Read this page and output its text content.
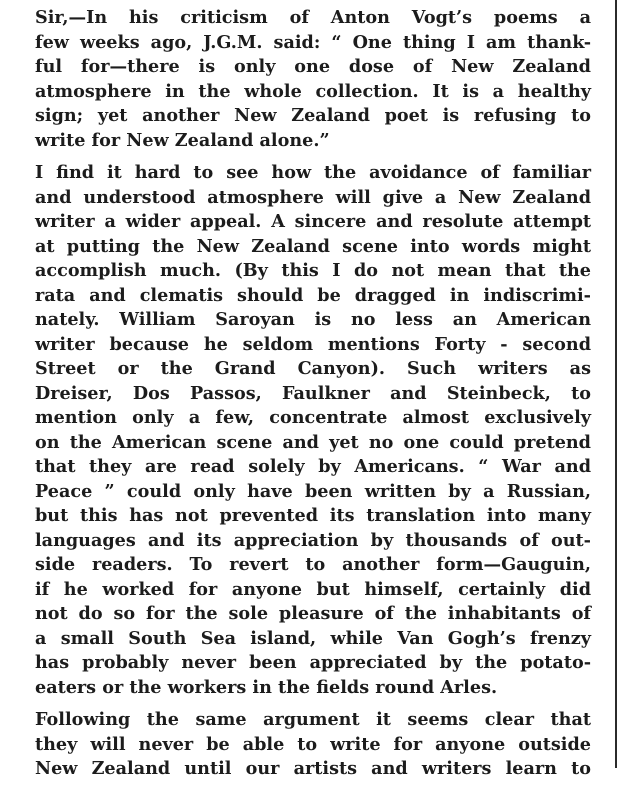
Sir,—In his criticism of Anton Vogt’s poems a
few weeks ago, J.G.M. said: “ One thing I am thank-
ful for—there is only one dose of New Zealand
atmosphere in the whole collection. It is a healthy
sign; yet another New Zealand poet is refusing to
write for New Zealand alone.”

I find it hard to see how the avoidance of familiar
and understood atmosphere will give a New Zealand
writer a wider appeal. A sincere and resolute attempt
at putting the New Zealand scene into words might
accomplish much. (By this I do not mean that the
rata and clematis should be dragged in indiscrimi-
nately. William Saroyan is no less an American
writer because he seldom mentions Forty - second
Street or the Grand Canyon). Such writers as
Dreiser, Dos Passos, Faulkner and Steinbeck, to
mention only a few, concentrate almost exclusively
on the American scene and yet no one could pretend
that they are read solely by Americans. “ War and
Peace ” could only have been written by a Russian,
but this has not prevented its translation into many
languages and its appreciation by thousands of out-
side readers. To revert to another form—Gauguin,
if he worked for anyone but himself, certainly did
not do so for the sole pleasure of the inhabitants of
a small South Sea island, while Van Gogh’s frenzy
has probably never been appreciated by the potato-
eaters or the workers in the fields round Arles.

Following the same argument it seems clear that
they will never be able to write for anyone outside
New Zealand until our artists and writers learn to
